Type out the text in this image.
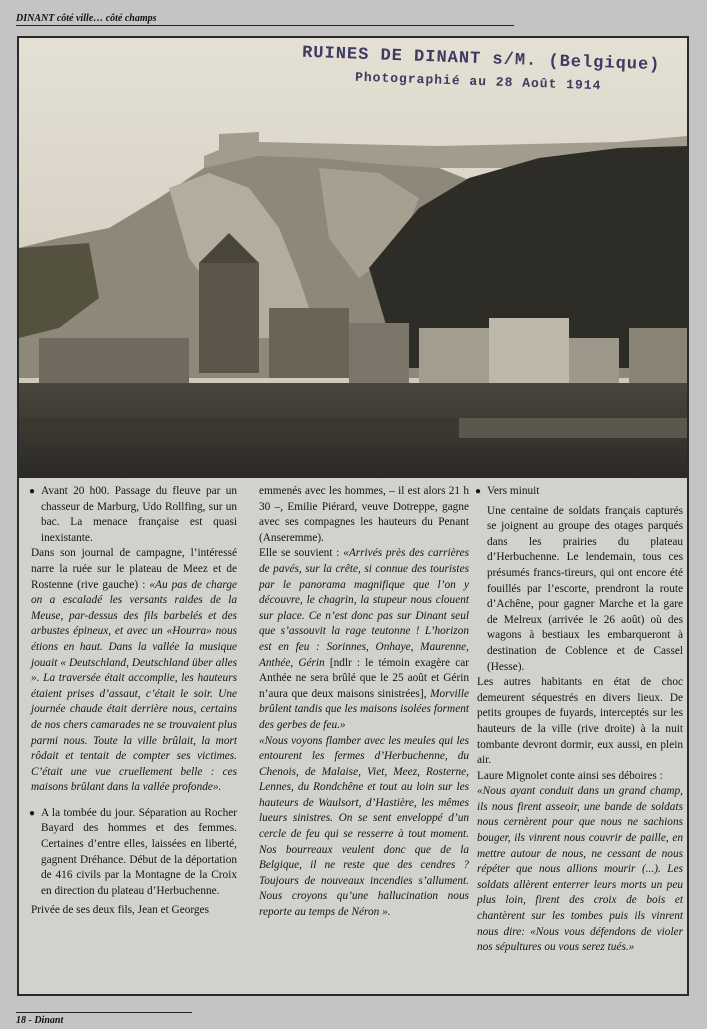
DINANT côté ville… côté champs
RUINES DE DINANT s/M. (Belgique)
Photographié au 28 Août 1914
● Avant 20 h00. Passage du fleuve par un chasseur de Marburg, Udo Rollfing, sur un bac. La menace française est quasi inexistante.

Dans son journal de campagne, l’intéressé narre la ruée sur le plateau de Meez et de Rostenne (rive gauche) : «Au pas de charge on a escaladé les versants raides de la Meuse, par-dessus des fils barbelés et des arbustes épineux, et avec un «Hourra» nous étions en haut. Dans la vallée la musique jouait « Deutschland, Deutschland über alles ». La traversée était accomplie, les hauteurs étaient prises d’assaut, c’était le soir. Une journée chaude était derrière nous, certains de nos chers camarades ne se trouvaient plus parmi nous. Toute la ville brûlait, la mort rôdait et tentait de compter ses victimes. C’était une vue cruellement belle : ces maisons brûlant dans la vallée profonde».

● A la tombée du jour. Séparation au Rocher Bayard des hommes et des femmes. Certaines d’entre elles, laissées en liberté, gagnent Dréhance. Début de la déportation de 416 civils par la Montagne de la Croix en direction du plateau d’Herbuchenne.

Privée de ses deux fils, Jean et Georges

emmenés avec les hommes, – il est alors 21 h 30 –, Emilie Piérard, veuve Dotreppe, gagne avec ses compagnes les hauteurs du Penant (Anseremme).

Elle se souvient : «Arrivés près des carrières de pavés, sur la crête, si connue des touristes par le panorama magnifique que l’on y découvre, le chagrin, la stupeur nous clouent sur place. Ce n’est donc pas sur Dinant seul que s’assouvit la rage teutonne ! L’horizon est en feu : Sorinnes, Onhaye, Maurenne, Anthée, Gérin [ndlr : le témoin exagère car Anthée ne sera brûlé que le 25 août et Gérin n’aura que deux maisons sinistrées], Morville brûlent tandis que les maisons isolées forment des gerbes de feu.»

«Nous voyons flamber avec les meules qui les entourent les fermes d’Herbuchenne, du Chenois, de Malaise, Viet, Meez, Rosterne, Lennes, du Rondchêne et tout au loin sur les hauteurs de Waulsort, d’Hastière, les mêmes lueurs sinistres. On se sent enveloppé d’un cercle de feu qui se resserre à tout moment. Nos bourreaux veulent donc que de la Belgique, il ne reste que des cendres ? Toujours de nouveaux incendies s’allument. Nous croyons qu’une hallucination nous reporte au temps de Néron ».

● Vers minuit

Une centaine de soldats français capturés se joignent au groupe des otages parqués dans les prairies du plateau d’Herbuchenne. Le lendemain, tous ces présumés francs-tireurs, qui ont encore été fouillés par l’escorte, prendront la route d’Achêne, pour gagner Marche et la gare de Melreux (arrivée le 26 août) où des wagons à bestiaux les embarqueront à destination de Coblence et de Cassel (Hesse).

Les autres habitants en état de choc demeurent séquestrés en divers lieux. De petits groupes de fuyards, interceptés sur les hauteurs de la ville (rive droite) à la nuit tombante devront dormir, eux aussi, en plein air.

Laure Mignolet conte ainsi ses déboires :

«Nous ayant conduit dans un grand champ, ils nous firent asseoir, une bande de soldats nous cernèrent pour que nous ne sachions bouger, ils vinrent nous couvrir de paille, en mettre autour de nous, ne cessant de nous répéter que nous allions mourir (...). Les soldats allèrent enterrer leurs morts un peu plus loin, firent des croix de bois et chantèrent sur les tombes puis ils vinrent nous dire: «Nous vous défendons de violer nos sépultures ou vous serez tués.»

18 - Dinant
